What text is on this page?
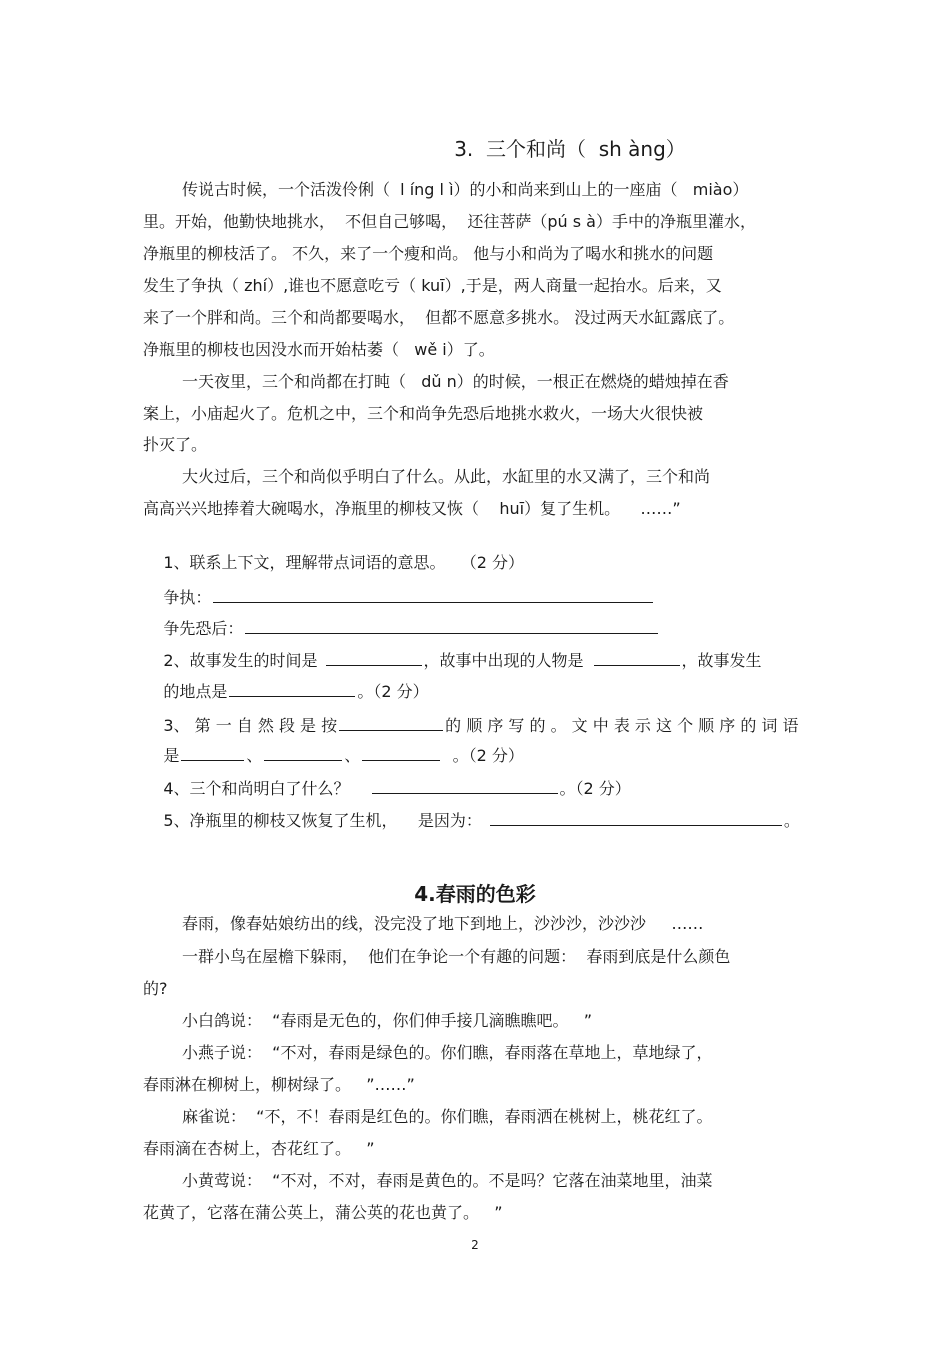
3.  三个和尚（  sh àng）
传说古时候，一个活泼伶俐（  l íng l ì）的小和尚来到山上的一座庙（   miào）
里。开始，他勤快地挑水，  不但自己够喝，  还往菩萨（pú s à）手中的净瓶里灌水，
净瓶里的柳枝活了。 不久，来了一个瘦和尚。 他与小和尚为了喝水和挑水的问题
发生了争执（ zhí）,谁也不愿意吃亏（ kuī）,于是，两人商量一起抬水。后来，又
来了一个胖和尚。三个和尚都要喝水，  但都不愿意多挑水。 没过两天水缸露底了。
净瓶里的柳枝也因没水而开始枯萎（   wě i）了。
一天夜里，三个和尚都在打盹（   dǔ n）的时候，一根正在燃烧的蜡烛掉在香
案上，小庙起火了。危机之中，三个和尚争先恐后地挑水救火，一场大火很快被
扑灭了。
大火过后，三个和尚似乎明白了什么。从此，水缸里的水又满了，三个和尚
高高兴兴地捧着大碗喝水，净瓶里的柳枝又恢（    huī）复了生机。    ……”

1、联系上下文，理解带点词语的意思。   （2 分）

争执：

争先恐后：

2、故事发生的时间是	，故事中出现的人物是	，故事发生

的地点是	。（2 分）

3、 第 一 自 然 段 是 按	的 顺 序 写 的 。 文 中 表 示 这 个 顺 序 的 词 语

是	、	、	。（2 分）

4、三个和尚明白了什么？	。（2 分）

5、净瓶里的柳枝又恢复了生机，    是因为：	。

4.春雨的色彩
春雨，像春姑娘纺出的线，没完没了地下到地上，沙沙沙，沙沙沙     ……
一群小鸟在屋檐下躲雨，  他们在争论一个有趣的问题：  春雨到底是什么颜色
的?
小白鸽说：  “春雨是无色的，你们伸手接几滴瞧瞧吧。   ”
小燕子说：  “不对，春雨是绿色的。你们瞧，春雨落在草地上，草地绿了，
春雨淋在柳树上，柳树绿了。   ”……”
麻雀说：  “不，不！春雨是红色的。你们瞧，春雨洒在桃树上，桃花红了。
春雨滴在杏树上，杏花红了。   ”
小黄莺说：  “不对，不对，春雨是黄色的。不是吗？它落在油菜地里，油菜
花黄了，它落在蒲公英上，蒲公英的花也黄了。   ”
2
